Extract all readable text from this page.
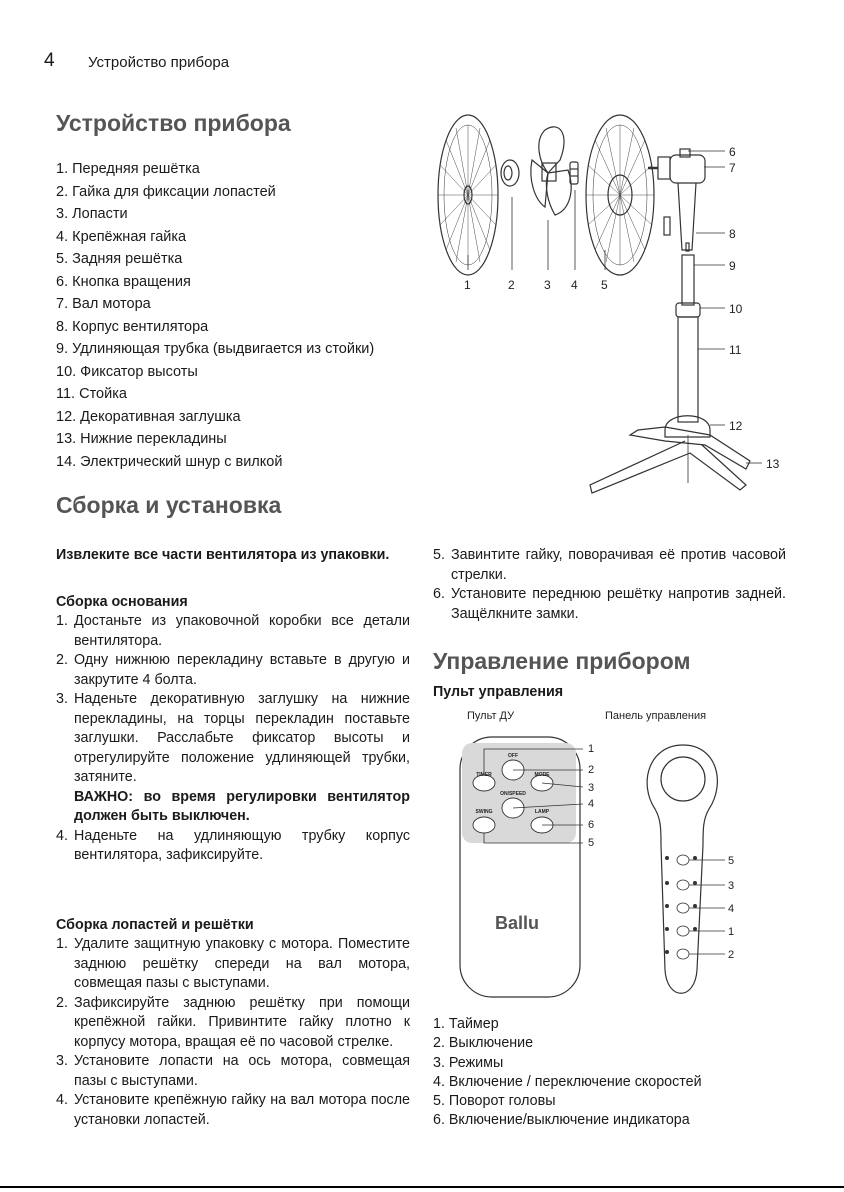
4 Устройство прибора
Устройство прибора
1. Передняя решётка
2. Гайка для фиксации лопастей
3. Лопасти
4. Крепёжная гайка
5. Задняя решётка
6. Кнопка вращения
7. Вал мотора
8. Корпус вентилятора
9. Удлиняющая трубка (выдвигается из стойки)
10. Фиксатор высоты
11. Стойка
12. Декоративная заглушка
13. Нижние перекладины
14. Электрический шнур с вилкой
1	2 3 4 5
6
7
8
9
10
11
12
13
Сборка и установка

Извлеките все части вентилятора из упаковки.

Сборка основания

1. Достаньте из упаковочной коробки все детали вентилятора.
2. Одну нижнюю перекладину вставьте в другую и закрутите 4 болта.
3. Наденьте декоративную заглушку на нижние перекладины, на торцы перекладин поставьте заглушки. Расслабьте фиксатор высоты и отрегулируйте положение удлиняющей трубки, затяните.
ВАЖНО: во время регулировки вентилятор должен быть выключен.
4. Наденьте на удлиняющую трубку корпус вентилятора, зафиксируйте.

Сборка лопастей и решётки

1. Удалите защитную упаковку с мотора. Поместите заднюю решётку спереди на вал мотора, совмещая пазы с выступами.
2. Зафиксируйте заднюю решётку при помощи крепёжной гайки. Привинтите гайку плотно к корпусу мотора, вращая её по часовой стрелке.
3. Установите лопасти на ось мотора, совмещая пазы с выступами.
4. Установите крепёжную гайку на вал мотора после установки лопастей.
5. Завинтите гайку, поворачивая её против часовой стрелки.
6. Установите переднюю решётку напротив задней. Защёлкните замки.
Управление прибором
Пульт управления
Пульт ДУ	Панель управления
OFF
TIMER	MODE
ON/SPEED
SWING	LAMP
Ballu
1
2
3
4
6
5
5
3
4
1
2
1. Таймер
2. Выключение
3. Режимы
4. Включение / переключение скоростей
5. Поворот головы
6. Включение/выключение индикатора
